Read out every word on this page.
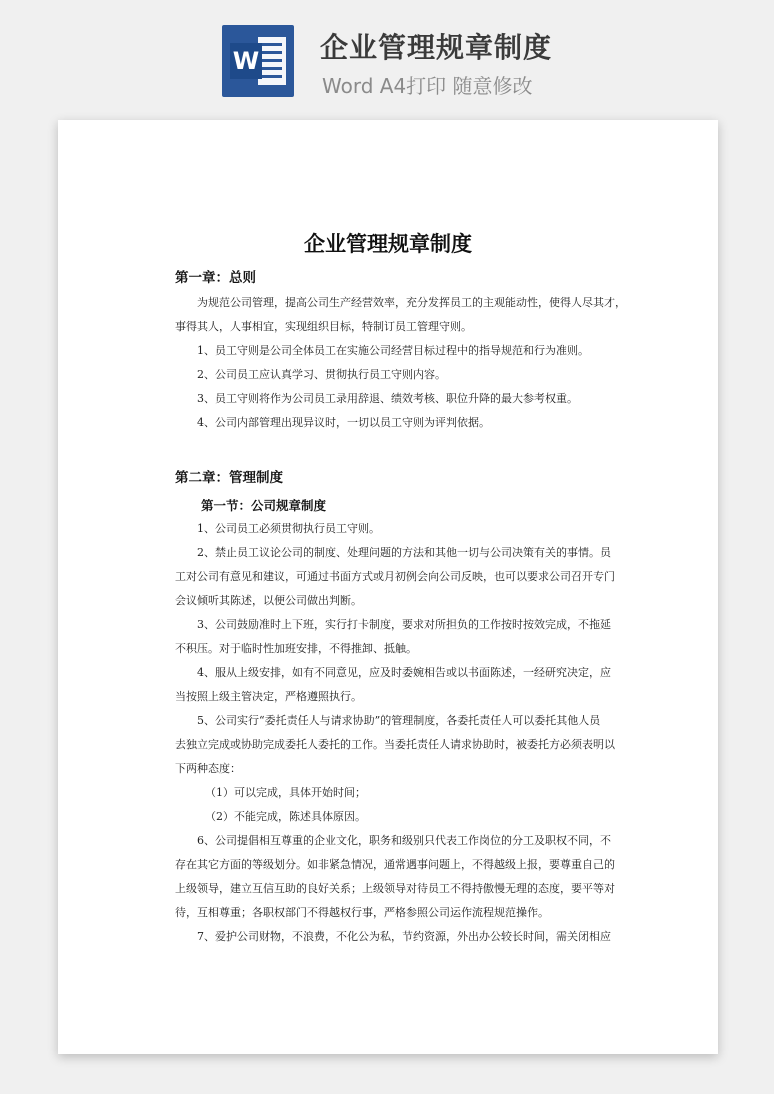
W 企业管理规章制度
Word A4打印 随意修改
企业管理规章制度
第一章：总则
为规范公司管理，提高公司生产经营效率，充分发挥员工的主观能动性，使得人尽其才，
事得其人，人事相宜，实现组织目标，特制订员工管理守则。
1、员工守则是公司全体员工在实施公司经营目标过程中的指导规范和行为准则。
2、公司员工应认真学习、贯彻执行员工守则内容。
3、员工守则将作为公司员工录用辞退、绩效考核、职位升降的最大参考权重。
4、公司内部管理出现异议时，一切以员工守则为评判依据。
第二章：管理制度
第一节：公司规章制度
1、公司员工必须贯彻执行员工守则。
2、禁止员工议论公司的制度、处理问题的方法和其他一切与公司决策有关的事情。员
工对公司有意见和建议，可通过书面方式或月初例会向公司反映，也可以要求公司召开专门
会议倾听其陈述，以便公司做出判断。
3、公司鼓励准时上下班，实行打卡制度，要求对所担负的工作按时按效完成，不拖延
不积压。对于临时性加班安排，不得推卸、抵触。
4、服从上级安排，如有不同意见，应及时委婉相告或以书面陈述，一经研究决定，应
当按照上级主管决定，严格遵照执行。
5、公司实行“委托责任人与请求协助”的管理制度，各委托责任人可以委托其他人员
去独立完成或协助完成委托人委托的工作。当委托责任人请求协助时，被委托方必须表明以
下两种态度：
（1）可以完成，具体开始时间；
（2）不能完成，陈述具体原因。
6、公司提倡相互尊重的企业文化，职务和级别只代表工作岗位的分工及职权不同，不
存在其它方面的等级划分。如非紧急情况，通常遇事问题上，不得越级上报，要尊重自己的
上级领导，建立互信互助的良好关系；上级领导对待员工不得持傲慢无理的态度，要平等对
待，互相尊重；各职权部门不得越权行事，严格参照公司运作流程规范操作。
7、爱护公司财物，不浪费，不化公为私，节约资源，外出办公较长时间，需关闭相应
